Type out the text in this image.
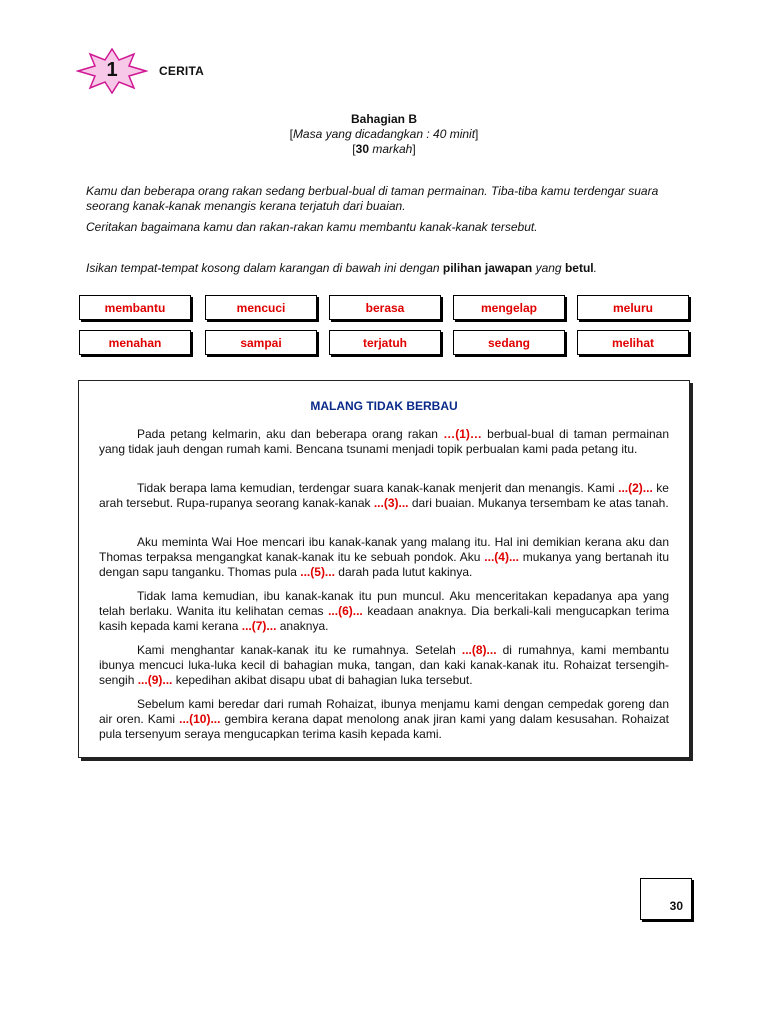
1	CERITA
Bahagian B
[Masa yang dicadangkan : 40 minit]
[30 markah]
Kamu dan beberapa orang rakan sedang berbual-bual di taman permainan. Tiba-tiba kamu terdengar suara seorang kanak-kanak menangis kerana terjatuh dari buaian.
Ceritakan bagaimana kamu dan rakan-rakan kamu membantu kanak-kanak tersebut.
Isikan tempat-tempat kosong dalam karangan di bawah ini dengan pilihan jawapan yang betul.
membantu	mencuci	berasa	mengelap	meluru
menahan	sampai	terjatuh	sedang	melihat
MALANG TIDAK BERBAU

Pada petang kelmarin, aku dan beberapa orang rakan …(1)… berbual-bual di taman permainan yang tidak jauh dengan rumah kami. Bencana tsunami menjadi topik perbualan kami pada petang itu.

Tidak berapa lama kemudian, terdengar suara kanak-kanak menjerit dan menangis. Kami ...(2)... ke arah tersebut. Rupa-rupanya seorang kanak-kanak ...(3)... dari buaian. Mukanya tersembam ke atas tanah.

Aku meminta Wai Hoe mencari ibu kanak-kanak yang malang itu. Hal ini demikian kerana aku dan Thomas terpaksa mengangkat kanak-kanak itu ke sebuah pondok. Aku ...(4)... mukanya yang bertanah itu dengan sapu tanganku. Thomas pula ...(5)... darah pada lutut kakinya.

Tidak lama kemudian, ibu kanak-kanak itu pun muncul. Aku menceritakan kepadanya apa yang telah berlaku. Wanita itu kelihatan cemas ...(6)... keadaan anaknya. Dia berkali-kali mengucapkan terima kasih kepada kami kerana ...(7)... anaknya.

Kami menghantar kanak-kanak itu ke rumahnya. Setelah ...(8)... di rumahnya, kami membantu ibunya mencuci luka-luka kecil di bahagian muka, tangan, dan kaki kanak-kanak itu. Rohaizat tersengih-sengih ...(9)... kepedihan akibat disapu ubat di bahagian luka tersebut.

Sebelum kami beredar dari rumah Rohaizat, ibunya menjamu kami dengan cempedak goreng dan air oren. Kami ...(10)... gembira kerana dapat menolong anak jiran kami yang dalam kesusahan. Rohaizat pula tersenyum seraya mengucapkan terima kasih kepada kami.

30
